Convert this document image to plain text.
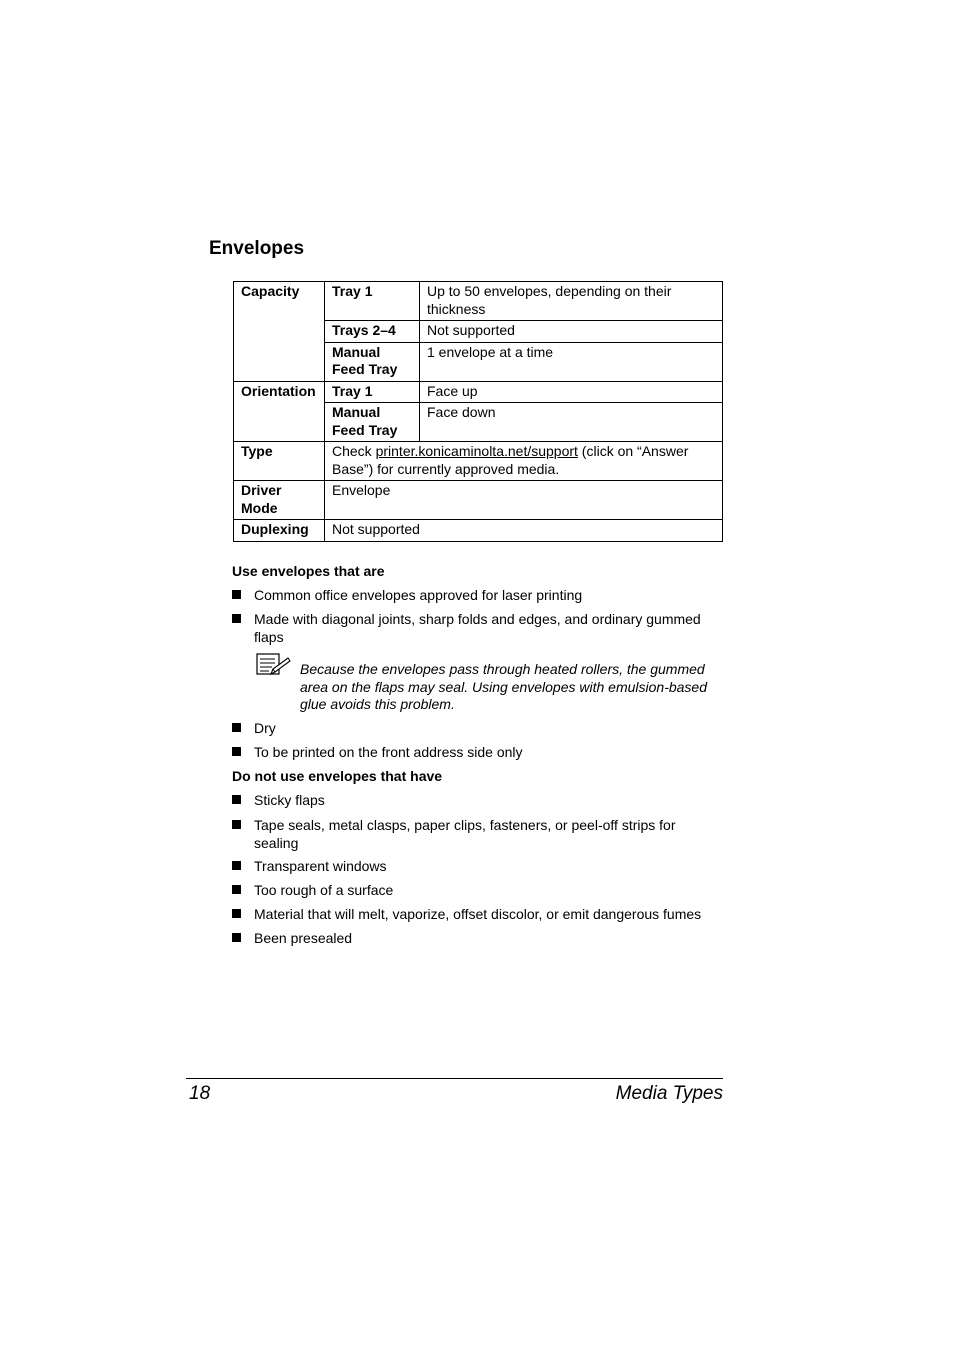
Envelopes
Capacity	Tray 1	Up to 50 envelopes, depending on their thickness
	Trays 2–4	Not supported
	Manual Feed Tray	1 envelope at a time
Orientation	Tray 1	Face up
	Manual Feed Tray	Face down
Type	Check printer.konicaminolta.net/support (click on “Answer Base”) for currently approved media.	
Driver Mode	Envelope	
Duplexing	Not supported	
Use envelopes that are
Common office envelopes approved for laser printing
Made with diagonal joints, sharp folds and edges, and ordinary gummed flaps
Because the envelopes pass through heated rollers, the gummed area on the flaps may seal. Using envelopes with emulsion-based glue avoids this problem.
Dry
To be printed on the front address side only
Do not use envelopes that have
Sticky flaps
Tape seals, metal clasps, paper clips, fasteners, or peel-off strips for sealing
Transparent windows
Too rough of a surface
Material that will melt, vaporize, offset discolor, or emit dangerous fumes
Been presealed
18	Media Types
